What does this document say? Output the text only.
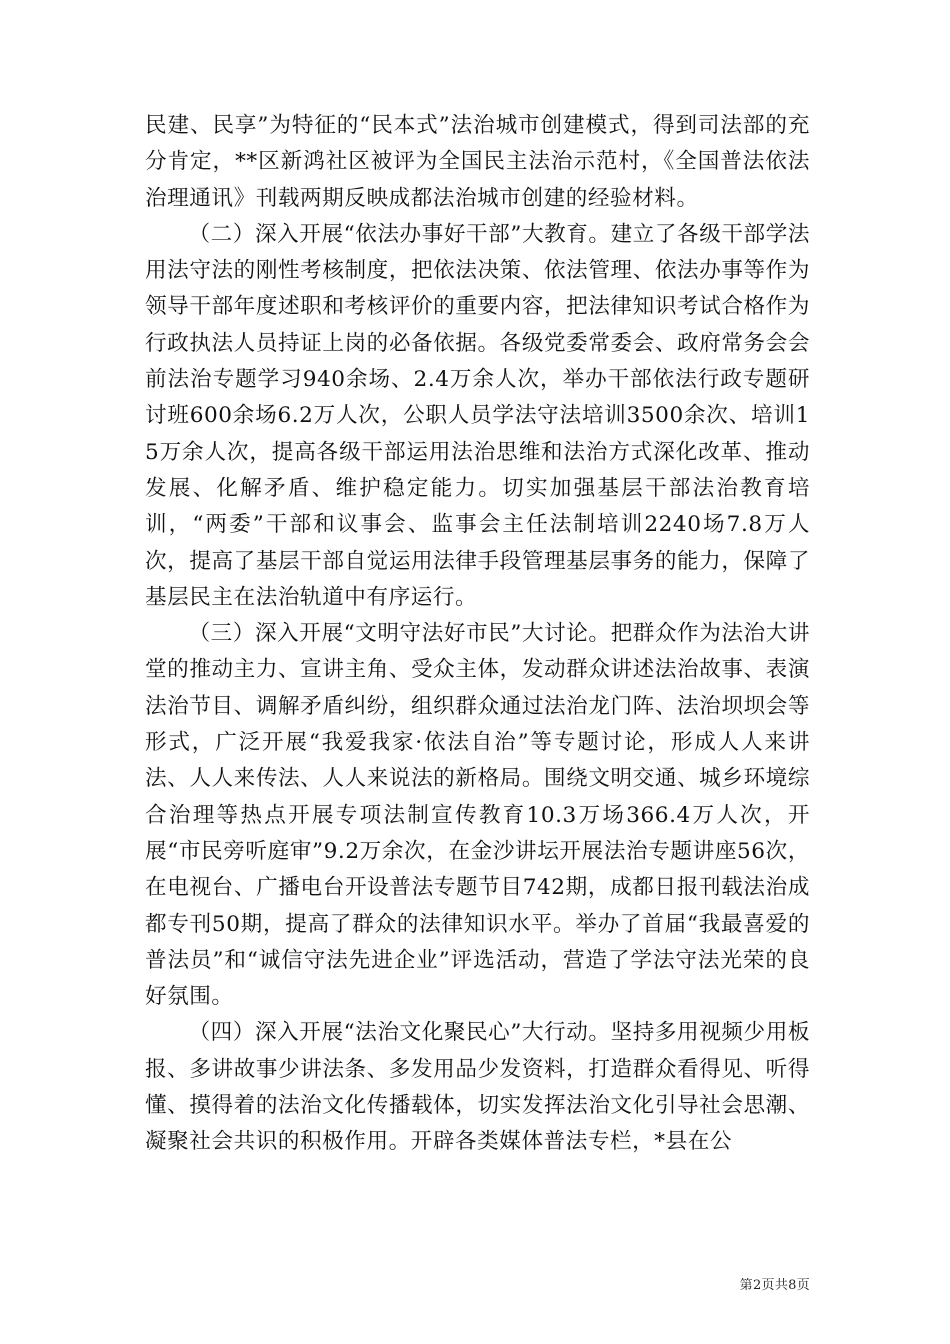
民建、民享”为特征的“民本式”法治城市创建模式，得到司法部的充分肯定，**区新鸿社区被评为全国民主法治示范村，《全国普法依法治理通讯》刊载两期反映成都法治城市创建的经验材料。

（二）深入开展“依法办事好干部”大教育。建立了各级干部学法用法守法的刚性考核制度，把依法决策、依法管理、依法办事等作为领导干部年度述职和考核评价的重要内容，把法律知识考试合格作为行政执法人员持证上岗的必备依据。各级党委常委会、政府常务会会前法治专题学习940余场、2.4万余人次，举办干部依法行政专题研讨班600余场6.2万人次，公职人员学法守法培训3500余次、培训15万余人次，提高各级干部运用法治思维和法治方式深化改革、推动发展、化解矛盾、维护稳定能力。切实加强基层干部法治教育培训，“两委”干部和议事会、监事会主任法制培训2240场7.8万人次，提高了基层干部自觉运用法律手段管理基层事务的能力，保障了基层民主在法治轨道中有序运行。

（三）深入开展“文明守法好市民”大讨论。把群众作为法治大讲堂的推动主力、宣讲主角、受众主体，发动群众讲述法治故事、表演法治节目、调解矛盾纠纷，组织群众通过法治龙门阵、法治坝坝会等形式，广泛开展“我爱我家·依法自治”等专题讨论，形成人人来讲法、人人来传法、人人来说法的新格局。围绕文明交通、城乡环境综合治理等热点开展专项法制宣传教育10.3万场366.4万人次，开展“市民旁听庭审”9.2万余次，在金沙讲坛开展法治专题讲座56次，在电视台、广播电台开设普法专题节目742期，成都日报刊载法治成都专刊50期，提高了群众的法律知识水平。举办了首届“我最喜爱的普法员”和“诚信守法先进企业”评选活动，营造了学法守法光荣的良好氛围。

（四）深入开展“法治文化聚民心”大行动。坚持多用视频少用板报、多讲故事少讲法条、多发用品少发资料，打造群众看得见、听得懂、摸得着的法治文化传播载体，切实发挥法治文化引导社会思潮、凝聚社会共识的积极作用。开辟各类媒体普法专栏，*县在公

第2页共8页
